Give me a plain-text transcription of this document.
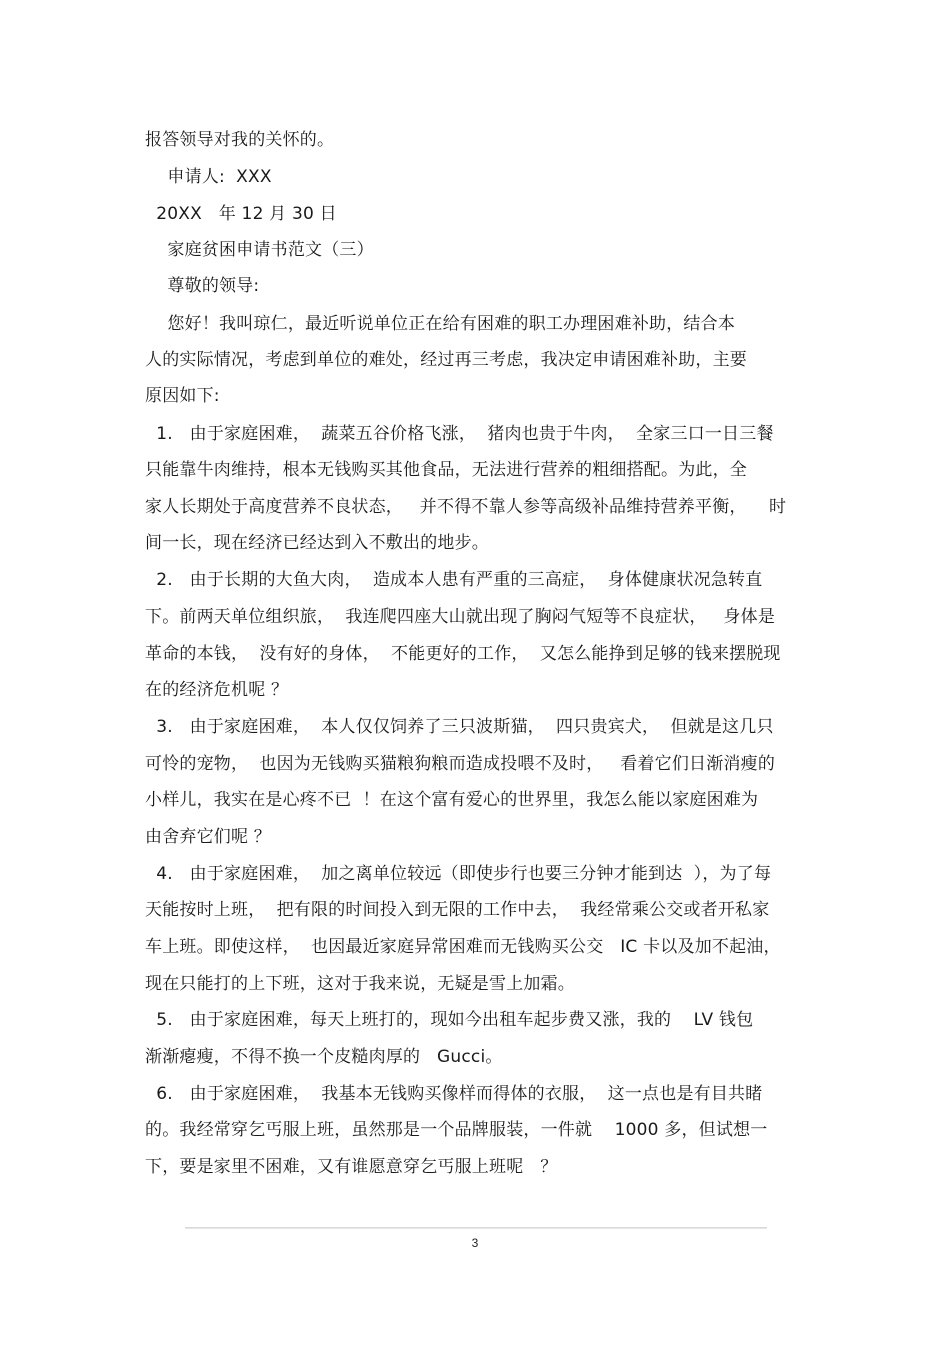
报答领导对我的关怀的。
申请人:  XXX
20XX   年 12 月 30 日
家庭贫困申请书范文（三）
尊敬的领导:
您好！我叫琼仁，最近听说单位正在给有困难的职工办理困难补助，结合本
人的实际情况，考虑到单位的难处，经过再三考虑，我决定申请困难补助，主要
原因如下:
1.   由于家庭困难，  蔬菜五谷价格飞涨，  猪肉也贵于牛肉，  全家三口一日三餐
只能靠牛肉维持，根本无钱购买其他食品，无法进行营养的粗细搭配。为此，全
家人长期处于高度营养不良状态，   并不得不靠人参等高级补品维持营养平衡，    时
间一长，现在经济已经达到入不敷出的地步。
2.   由于长期的大鱼大肉，  造成本人患有严重的三高症，  身体健康状况急转直
下。前两天单位组织旅，  我连爬四座大山就出现了胸闷气短等不良症状，   身体是
革命的本钱，  没有好的身体，  不能更好的工作，  又怎么能挣到足够的钱来摆脱现
在的经济危机呢 ？
3.   由于家庭困难，  本人仅仅饲养了三只波斯猫，  四只贵宾犬，  但就是这几只
可怜的宠物，  也因为无钱购买猫粮狗粮而造成投喂不及时，   看着它们日渐消瘦的
小样儿，我实在是心疼不已  ！在这个富有爱心的世界里，我怎么能以家庭困难为
由舍弃它们呢 ？
4.   由于家庭困难，  加之离单位较远（即使步行也要三分钟才能到达  ），为了每
天能按时上班，  把有限的时间投入到无限的工作中去，  我经常乘公交或者开私家
车上班。即使这样，  也因最近家庭异常困难而无钱购买公交   IC 卡以及加不起油，
现在只能打的上下班，这对于我来说，无疑是雪上加霜。
5.   由于家庭困难，每天上班打的，现如今出租车起步费又涨，我的    LV 钱包
渐渐瘪瘦，不得不换一个皮糙肉厚的   Gucci。
6.   由于家庭困难，  我基本无钱购买像样而得体的衣服，  这一点也是有目共睹
的。我经常穿乞丐服上班，虽然那是一个品牌服装，一件就    1000 多，但试想一
下，要是家里不困难，又有谁愿意穿乞丐服上班呢   ？
3
